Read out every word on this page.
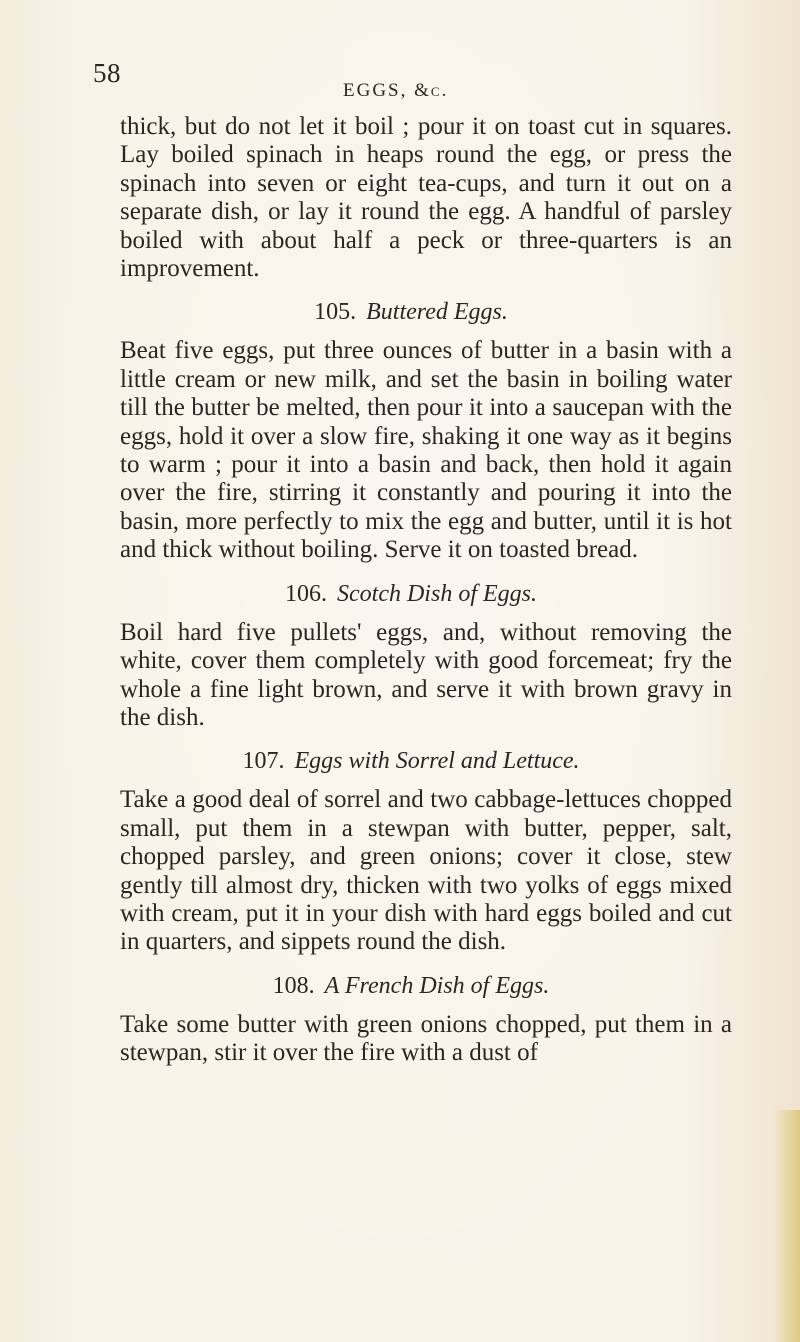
58
EGGS, &c.

thick, but do not let it boil ; pour it on toast cut in squares. Lay boiled spinach in heaps round the egg, or press the spinach into seven or eight tea-cups, and turn it out on a separate dish, or lay it round the egg. A handful of parsley boiled with about half a peck or three-quarters is an improvement.

105. Buttered Eggs.

Beat five eggs, put three ounces of butter in a basin with a little cream or new milk, and set the basin in boiling water till the butter be melted, then pour it into a saucepan with the eggs, hold it over a slow fire, shaking it one way as it begins to warm ; pour it into a basin and back, then hold it again over the fire, stirring it constantly and pouring it into the basin, more perfectly to mix the egg and butter, until it is hot and thick without boiling. Serve it on toasted bread.

106. Scotch Dish of Eggs.

Boil hard five pullets' eggs, and, without removing the white, cover them completely with good forcemeat; fry the whole a fine light brown, and serve it with brown gravy in the dish.

107. Eggs with Sorrel and Lettuce.

Take a good deal of sorrel and two cabbage-lettuces chopped small, put them in a stewpan with butter, pepper, salt, chopped parsley, and green onions; cover it close, stew gently till almost dry, thicken with two yolks of eggs mixed with cream, put it in your dish with hard eggs boiled and cut in quarters, and sippets round the dish.

108. A French Dish of Eggs.

Take some butter with green onions chopped, put them in a stewpan, stir it over the fire with a dust of
